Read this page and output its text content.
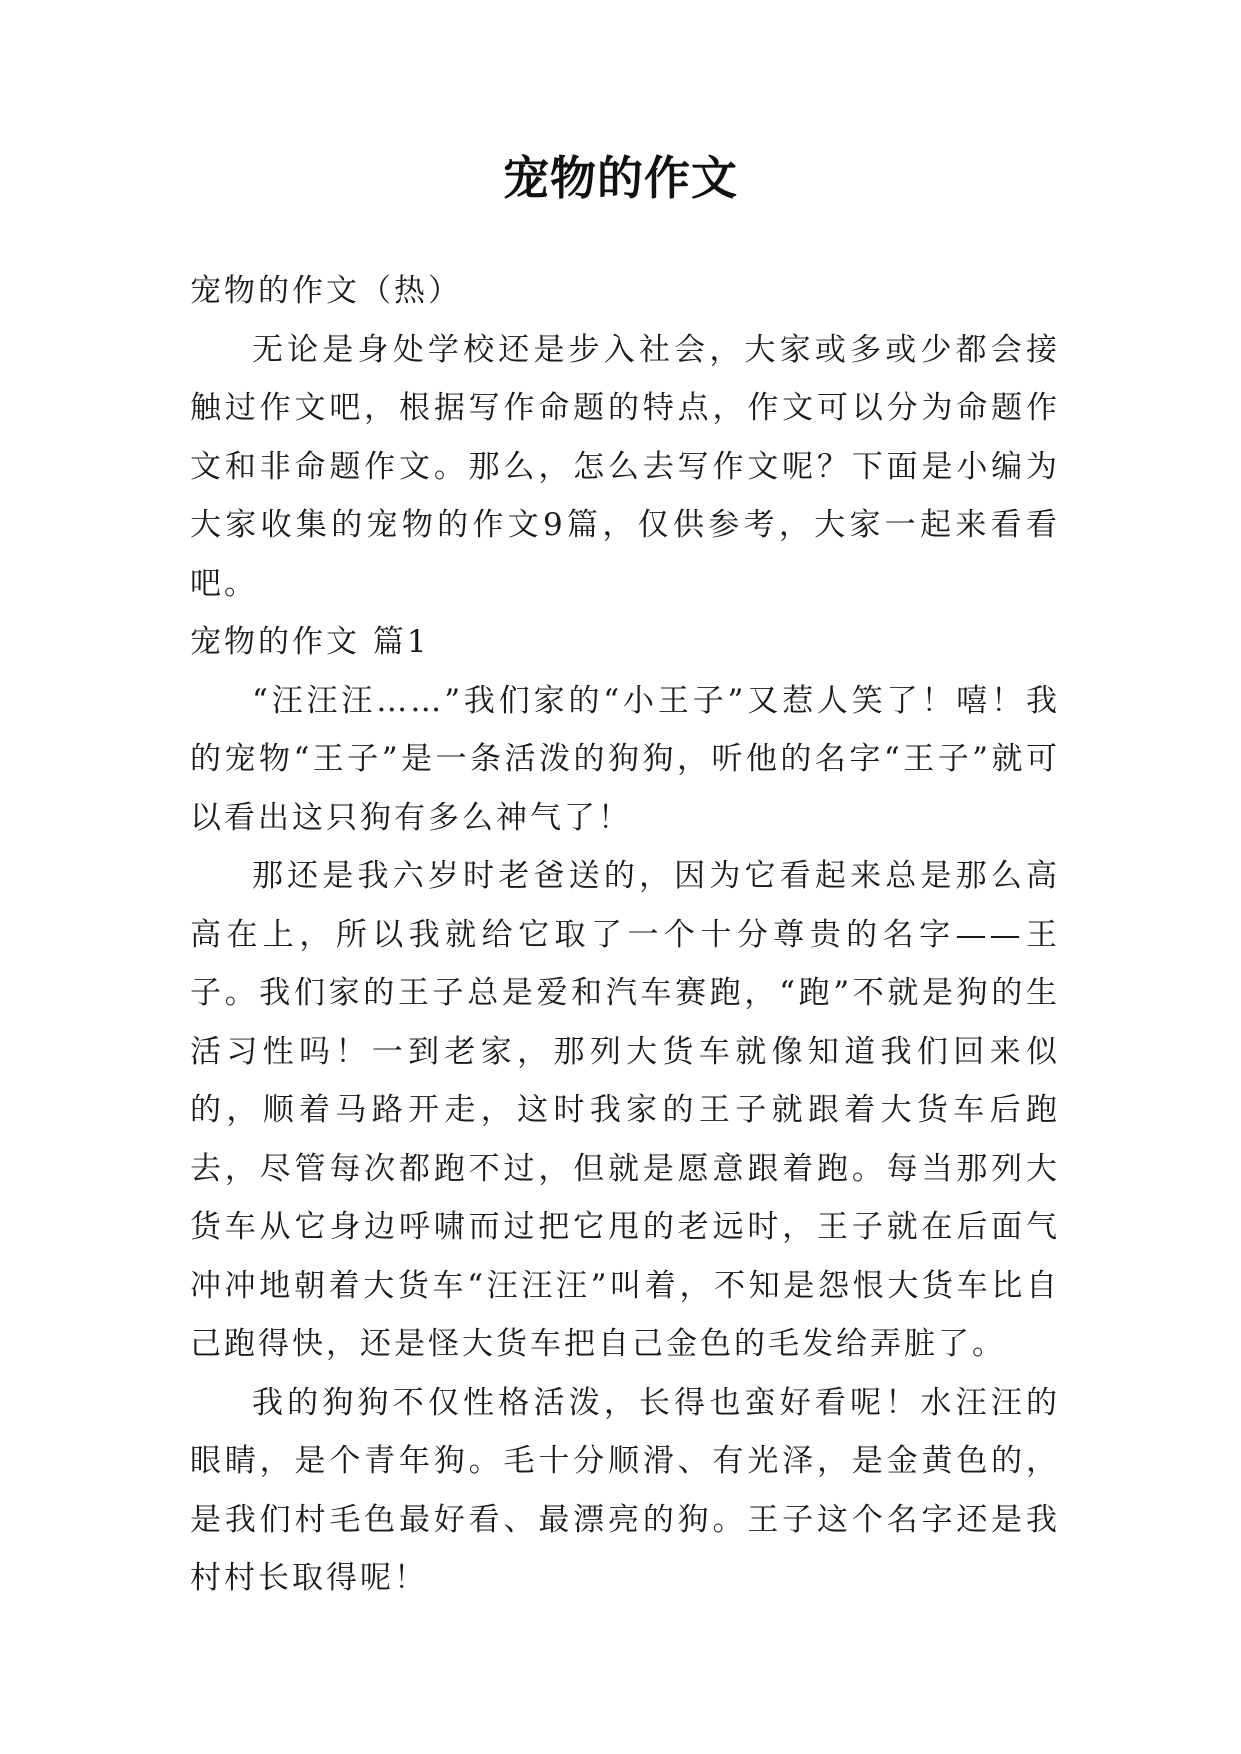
宠物的作文

宠物的作文（热）

无论是身处学校还是步入社会，大家或多或少都会接触过作文吧，根据写作命题的特点，作文可以分为命题作文和非命题作文。那么，怎么去写作文呢？下面是小编为大家收集的宠物的作文9篇，仅供参考，大家一起来看看吧。

宠物的作文 篇1

“汪汪汪……”我们家的“小王子”又惹人笑了！嘻！我的宠物“王子”是一条活泼的狗狗，听他的名字“王子”就可以看出这只狗有多么神气了！

那还是我六岁时老爸送的，因为它看起来总是那么高高在上，所以我就给它取了一个十分尊贵的名字——王子。我们家的王子总是爱和汽车赛跑，“跑”不就是狗的生活习性吗！一到老家，那列大货车就像知道我们回来似的，顺着马路开走，这时我家的王子就跟着大货车后跑去，尽管每次都跑不过，但就是愿意跟着跑。每当那列大货车从它身边呼啸而过把它甩的老远时，王子就在后面气冲冲地朝着大货车“汪汪汪”叫着，不知是怨恨大货车比自己跑得快，还是怪大货车把自己金色的毛发给弄脏了。

我的狗狗不仅性格活泼，长得也蛮好看呢！水汪汪的眼睛，是个青年狗。毛十分顺滑、有光泽，是金黄色的，是我们村毛色最好看、最漂亮的狗。王子这个名字还是我村村长取得呢！
